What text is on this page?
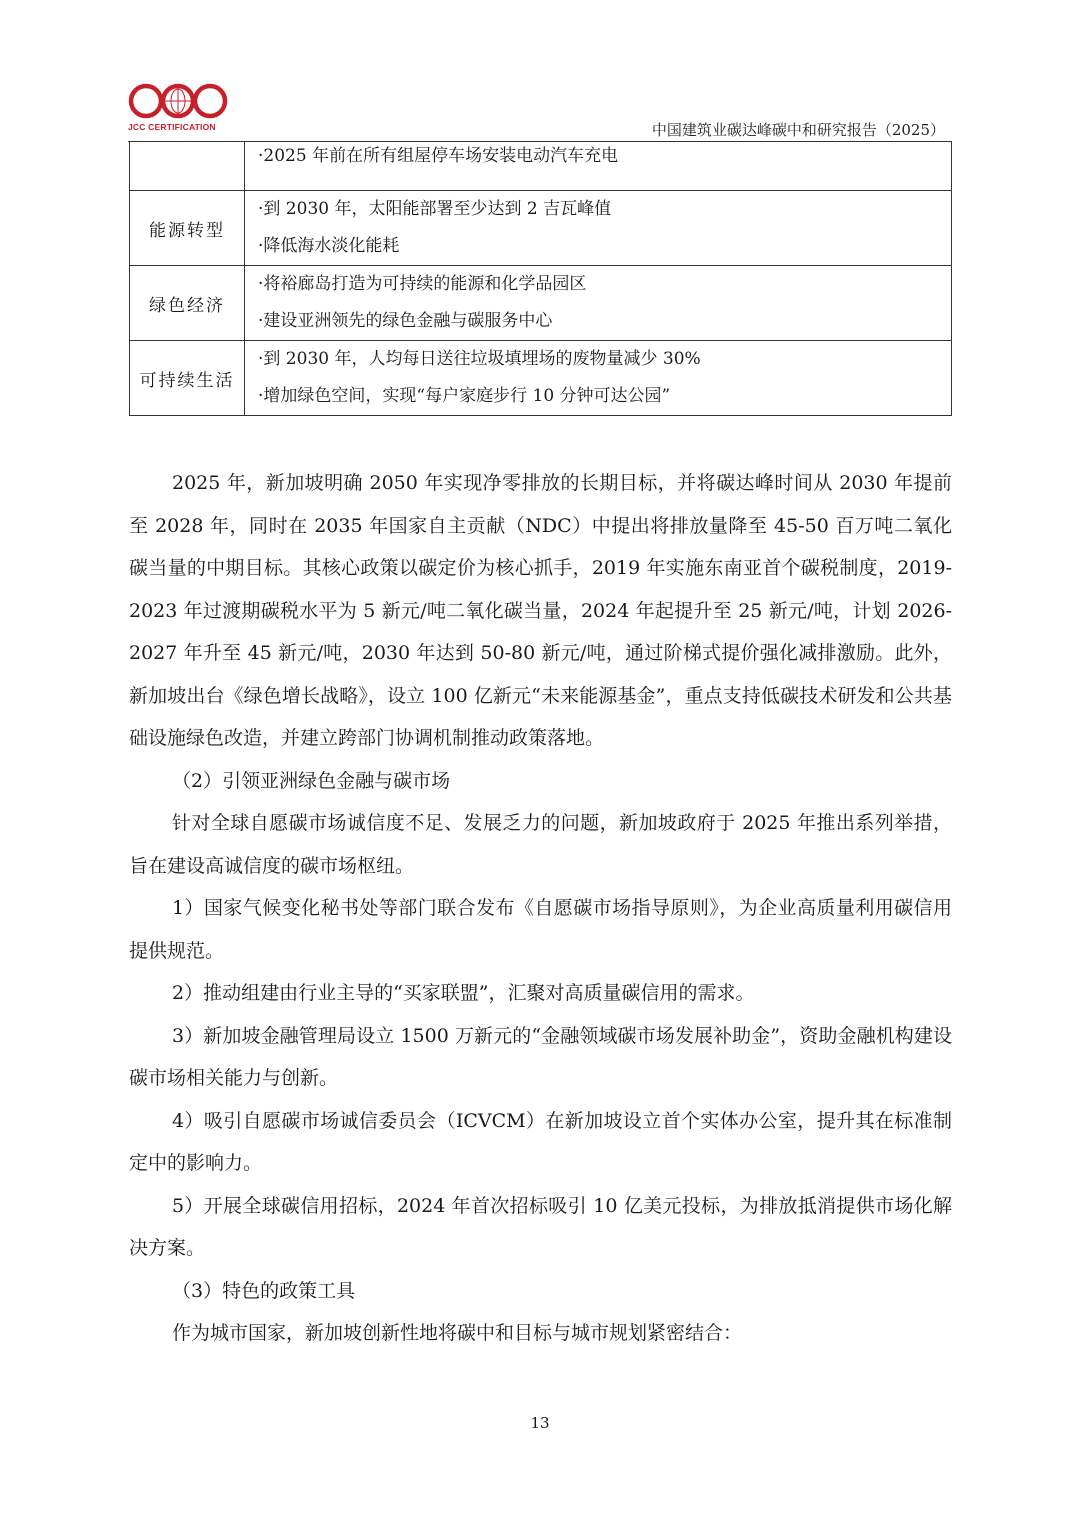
JCC CERTIFICATION	中国建筑业碳达峰碳中和研究报告（2025）

	·2025 年前在所有组屋停车场安装电动汽车充电

能源转型	·到 2030 年，太阳能部署至少达到 2 吉瓦峰值
·降低海水淡化能耗

绿色经济	·将裕廊岛打造为可持续的能源和化学品园区
·建设亚洲领先的绿色金融与碳服务中心

可持续生活	·到 2030 年，人均每日送往垃圾填埋场的废物量减少 30%
·增加绿色空间，实现“每户家庭步行 10 分钟可达公园”

2025 年，新加坡明确 2050 年实现净零排放的长期目标，并将碳达峰时间从 2030 年提前至 2028 年，同时在 2035 年国家自主贡献（NDC）中提出将排放量降至 45-50 百万吨二氧化碳当量的中期目标。其核心政策以碳定价为核心抓手，2019 年实施东南亚首个碳税制度，2019-2023 年过渡期碳税水平为 5 新元/吨二氧化碳当量，2024 年起提升至 25 新元/吨，计划 2026-2027 年升至 45 新元/吨，2030 年达到 50-80 新元/吨，通过阶梯式提价强化减排激励。此外，新加坡出台《绿色增长战略》，设立 100 亿新元“未来能源基金”，重点支持低碳技术研发和公共基础设施绿色改造，并建立跨部门协调机制推动政策落地。

（2）引领亚洲绿色金融与碳市场

针对全球自愿碳市场诚信度不足、发展乏力的问题，新加坡政府于 2025 年推出系列举措，旨在建设高诚信度的碳市场枢纽。

1）国家气候变化秘书处等部门联合发布《自愿碳市场指导原则》，为企业高质量利用碳信用提供规范。

2）推动组建由行业主导的“买家联盟”，汇聚对高质量碳信用的需求。

3）新加坡金融管理局设立 1500 万新元的“金融领域碳市场发展补助金”，资助金融机构建设碳市场相关能力与创新。

4）吸引自愿碳市场诚信委员会（ICVCM）在新加坡设立首个实体办公室，提升其在标准制定中的影响力。

5）开展全球碳信用招标，2024 年首次招标吸引 10 亿美元投标，为排放抵消提供市场化解决方案。

（3）特色的政策工具

作为城市国家，新加坡创新性地将碳中和目标与城市规划紧密结合：

13
